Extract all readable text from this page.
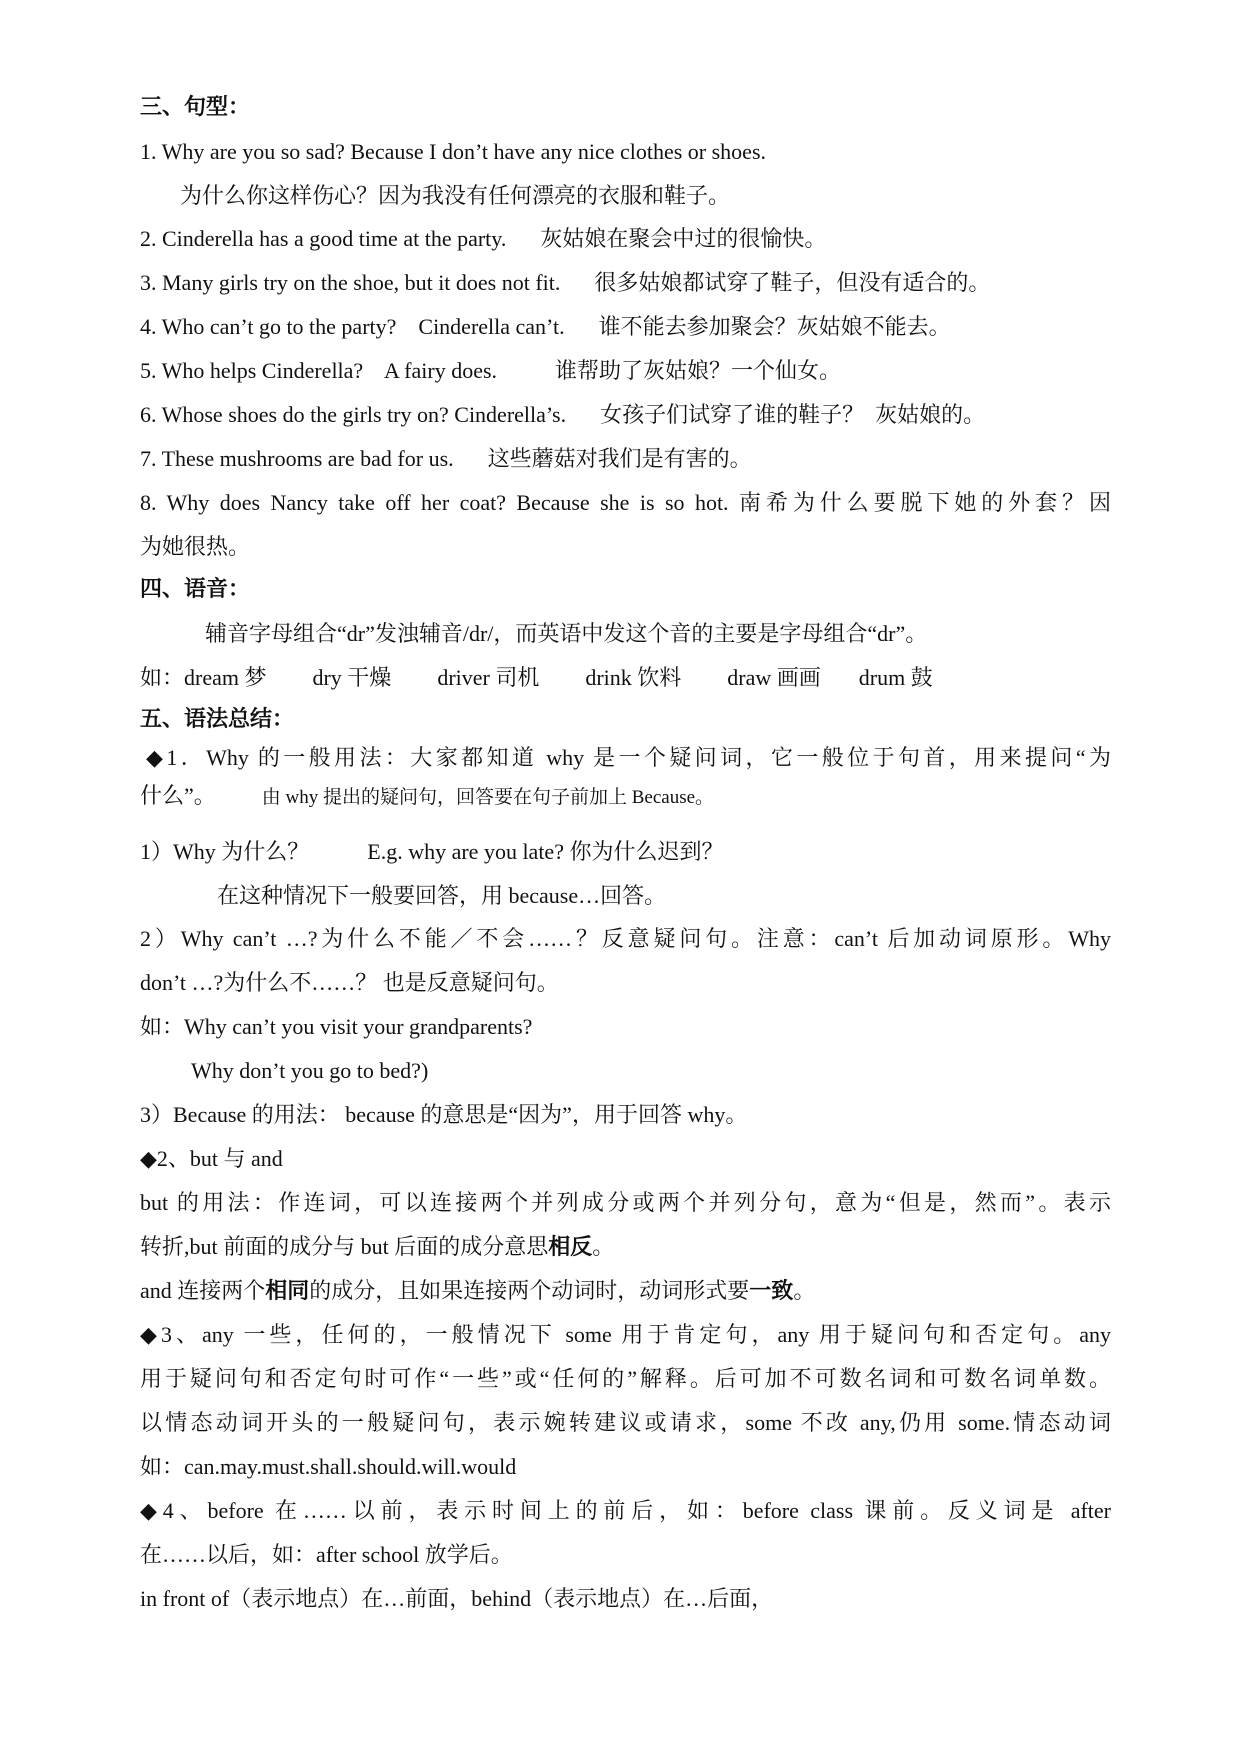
三、句型：
1. Why are you so sad? Because I don’t have any nice clothes or shoes.
为什么你这样伤心？因为我没有任何漂亮的衣服和鞋子。
2. Cinderella has a good time at the party. 灰姑娘在聚会中过的很愉快。
3. Many girls try on the shoe, but it does not fit. 很多姑娘都试穿了鞋子，但没有适合的。
4. Who can’t go to the party?    Cinderella can’t. 谁不能去参加聚会？灰姑娘不能去。
5. Who helps Cinderella?    A fairy does.	谁帮助了灰姑娘？一个仙女。
6. Whose shoes do the girls try on? Cinderella’s. 女孩子们试穿了谁的鞋子？  灰姑娘的。
7. These mushrooms are bad for us. 这些蘑菇对我们是有害的。
8. Why does Nancy take off her coat? Because she is so hot. 南希为什么要脱下她的外套？因
为她很热。
四、语音：
辅音字母组合“dr”发浊辅音/dr/，而英语中发这个音的主要是字母组合“dr”。
如：dream 梦 dry 干燥 driver 司机 drink 饮料 draw 画画 drum 鼓
五、语法总结：
◆1．Why 的一般用法：大家都知道 why 是一个疑问词，它一般位于句首，用来提问“为
什么”。 由 why 提出的疑问句，回答要在句子前加上 Because。
1）Why 为什么？	E.g. why are you late? 你为什么迟到？
在这种情况下一般要回答，用 because…回答。
2）Why can’t …?为什么不能／不会……？反意疑问句。注意：can’t 后加动词原形。Why
don’t …?为什么不……？ 也是反意疑问句。
如：Why can’t you visit your grandparents?
Why don’t you go to bed?)
3）Because 的用法： because 的意思是“因为”，用于回答 why。
◆2、but 与 and
but 的用法：作连词，可以连接两个并列成分或两个并列分句，意为“但是，然而”。表示
转折,but 前面的成分与 but 后面的成分意思相反。
and 连接两个相同的成分，且如果连接两个动词时，动词形式要一致。
◆3、any 一些，任何的，一般情况下 some 用于肯定句，any 用于疑问句和否定句。any
用于疑问句和否定句时可作“一些”或“任何的”解释。后可加不可数名词和可数名词单数。
以情态动词开头的一般疑问句，表示婉转建议或请求，some 不改 any,仍用 some.情态动词
如：can.may.must.shall.should.will.would
◆4、before 在……以前，表示时间上的前后，如：before class 课前。反义词是 after
在……以后，如：after school 放学后。
in front of（表示地点）在…前面，behind（表示地点）在…后面，
